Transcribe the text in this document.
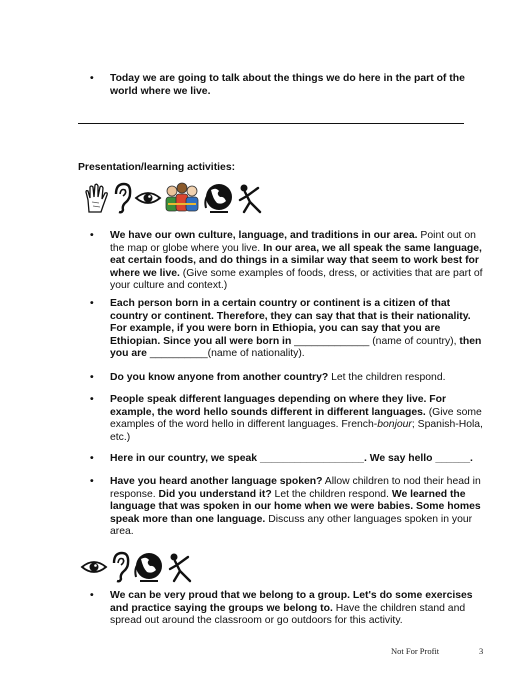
• Today we are going to talk about the things we do here in the part of the world where we live.
Presentation/learning activities:
• We have our own culture, language, and traditions in our area. Point out on the map or globe where you live. In our area, we all speak the same language, eat certain foods, and do things in a similar way that seem to work best for where we live. (Give some examples of foods, dress, or activities that are part of your culture and context.)
• Each person born in a certain country or continent is a citizen of that country or continent. Therefore, they can say that that is their nationality. For example, if you were born in Ethiopia, you can say that you are Ethiopian. Since you all were born in _____________ (name of country), then you are __________(name of nationality).
• Do you know anyone from another country? Let the children respond.
• People speak different languages depending on where they live. For example, the word hello sounds different in different languages. (Give some examples of the word hello in different languages. French-bonjour; Spanish-Hola, etc.)
• Here in our country, we speak __________________. We say hello ______.
• Have you heard another language spoken? Allow children to nod their head in response. Did you understand it? Let the children respond. We learned the language that was spoken in our home when we were babies. Some homes speak more than one language. Discuss any other languages spoken in your area.
• We can be very proud that we belong to a group. Let's do some exercises and practice saying the groups we belong to. Have the children stand and spread out around the classroom or go outdoors for this activity.
Not For Profit	3
